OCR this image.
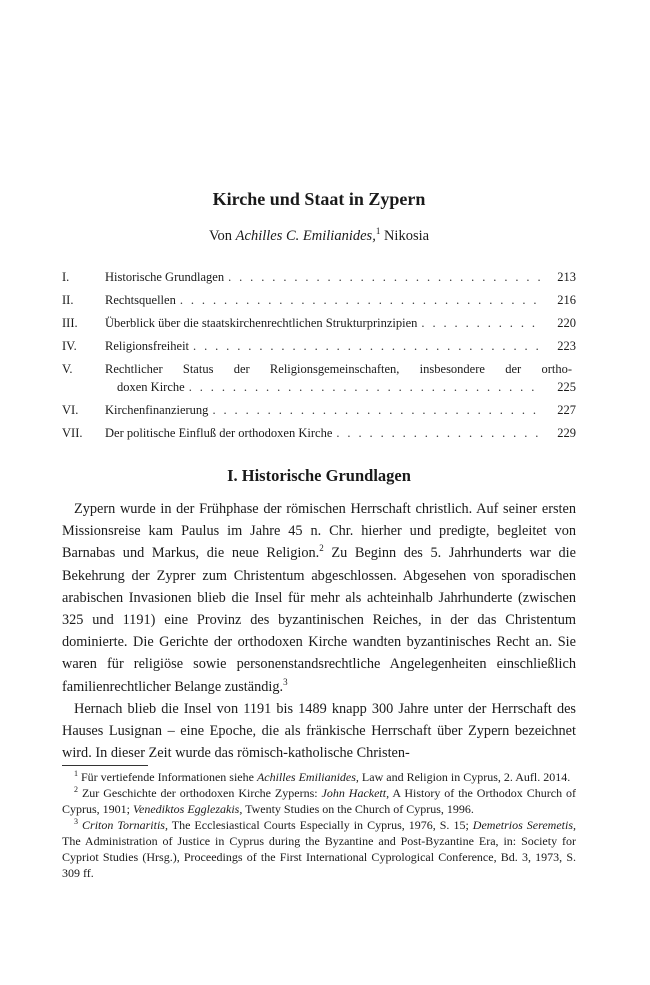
Kirche und Staat in Zypern
Von Achilles C. Emilianides,$^1$ Nikosia
I.	Historische Grundlagen . . .	213
II.	Rechtsquellen . . .	216
III.	Überblick über die staatskirchenrechtlichen Strukturprinzipien . . .	220
IV.	Religionsfreiheit . . .	223
V.	Rechtlicher Status der Religionsgemeinschaften, insbesondere der ortho-
doxen Kirche . . .	225
VI.	Kirchenfinanzierung . . .	227
VII.	Der politische Einfluß der orthodoxen Kirche . . .	229
I. Historische Grundlagen

Zypern wurde in der Frühphase der römischen Herrschaft christlich. Auf seiner ersten Missionsreise kam Paulus im Jahre 45 n. Chr. hierher und predigte, begleitet von Barnabas und Markus, die neue Religion.$^2$ Zu Beginn des 5. Jahrhunderts war die Bekehrung der Zyprer zum Christentum abgeschlossen. Abgesehen von sporadischen arabischen Invasionen blieb die Insel für mehr als achteinhalb Jahrhunderte (zwischen 325 und 1191) eine Provinz des byzantinischen Reiches, in der das Christentum dominierte. Die Gerichte der orthodoxen Kirche wandten byzantinisches Recht an. Sie waren für religiöse sowie personenstandsrechtliche Angelegenheiten einschließlich familienrechtlicher Belange zuständig.$^3$

Hernach blieb die Insel von 1191 bis 1489 knapp 300 Jahre unter der Herrschaft des Hauses Lusignan – eine Epoche, die als fränkische Herrschaft über Zypern bezeichnet wird. In dieser Zeit wurde das römisch-katholische Christen-

$^1$ Für vertiefende Informationen siehe Achilles Emilianides, Law and Religion in Cyprus, 2. Aufl. 2014.

$^2$ Zur Geschichte der orthodoxen Kirche Zyperns: John Hackett, A History of the Orthodox Church of Cyprus, 1901; Venediktos Egglezakis, Twenty Studies on the Church of Cyprus, 1996.

$^3$ Criton Tornaritis, The Ecclesiastical Courts Especially in Cyprus, 1976, S. 15; Demetrios Seremetis, The Administration of Justice in Cyprus during the Byzantine and Post-Byzantine Era, in: Society for Cypriot Studies (Hrsg.), Proceedings of the First International Cyprological Conference, Bd. 3, 1973, S. 309 ff.
